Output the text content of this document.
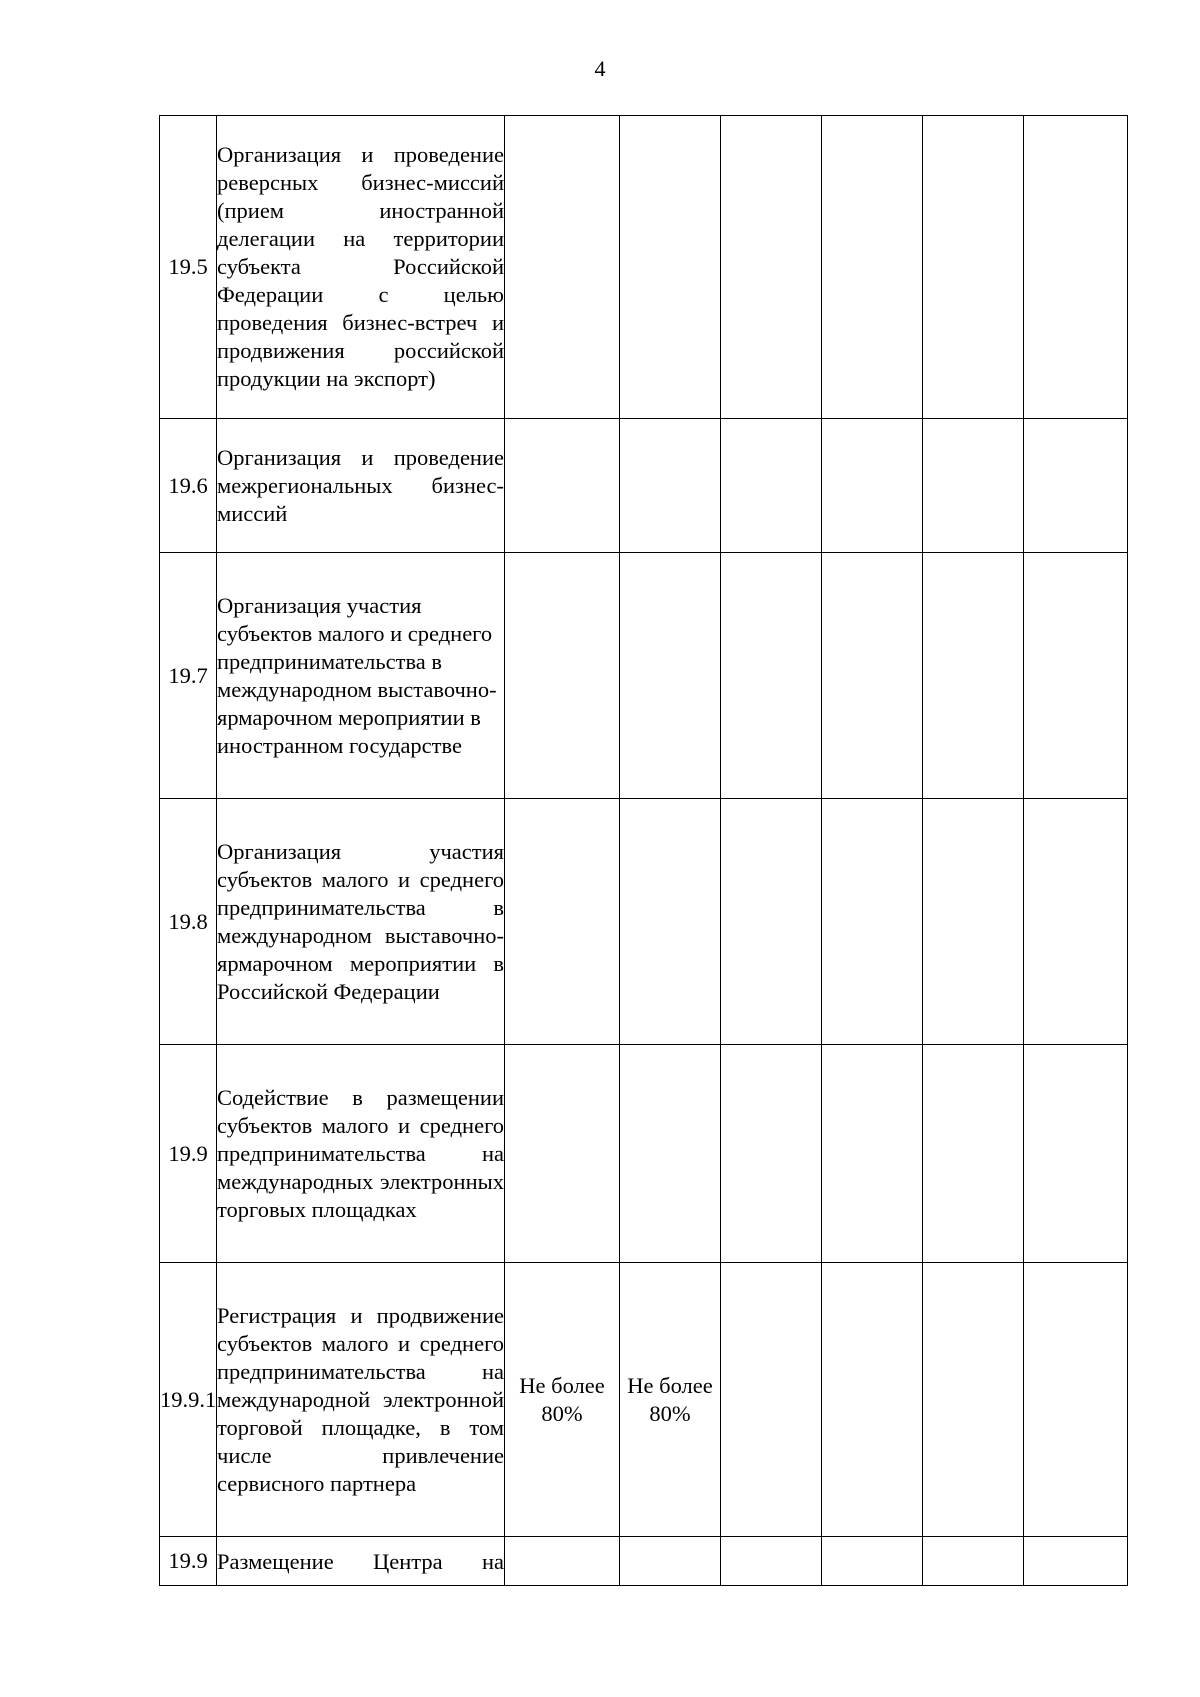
4
19.5	Организация и проведение реверсных бизнес-миссий (прием иностранной делегации на территории субъекта Российской Федерации с целью проведения бизнес-встреч и продвижения российской продукции на экспорт)						
19.6	Организация и проведение межрегиональных бизнес-миссий						
19.7	Организация участия субъектов малого и среднего предпринимательства в международном выставочно-ярмарочном мероприятии в иностранном государстве						
19.8	Организация участия субъектов малого и среднего предпринимательства в международном выставочно-ярмарочном мероприятии в Российской Федерации						
19.9	Содействие в размещении субъектов малого и среднего предпринимательства на международных электронных торговых площадках						
19.9.1	Регистрация и продвижение субъектов малого и среднего предпринимательства на международной электронной торговой площадке, в том числе привлечение сервисного партнера	Не более 80%	Не более 80%				
19.9	Размещение Центра на						
